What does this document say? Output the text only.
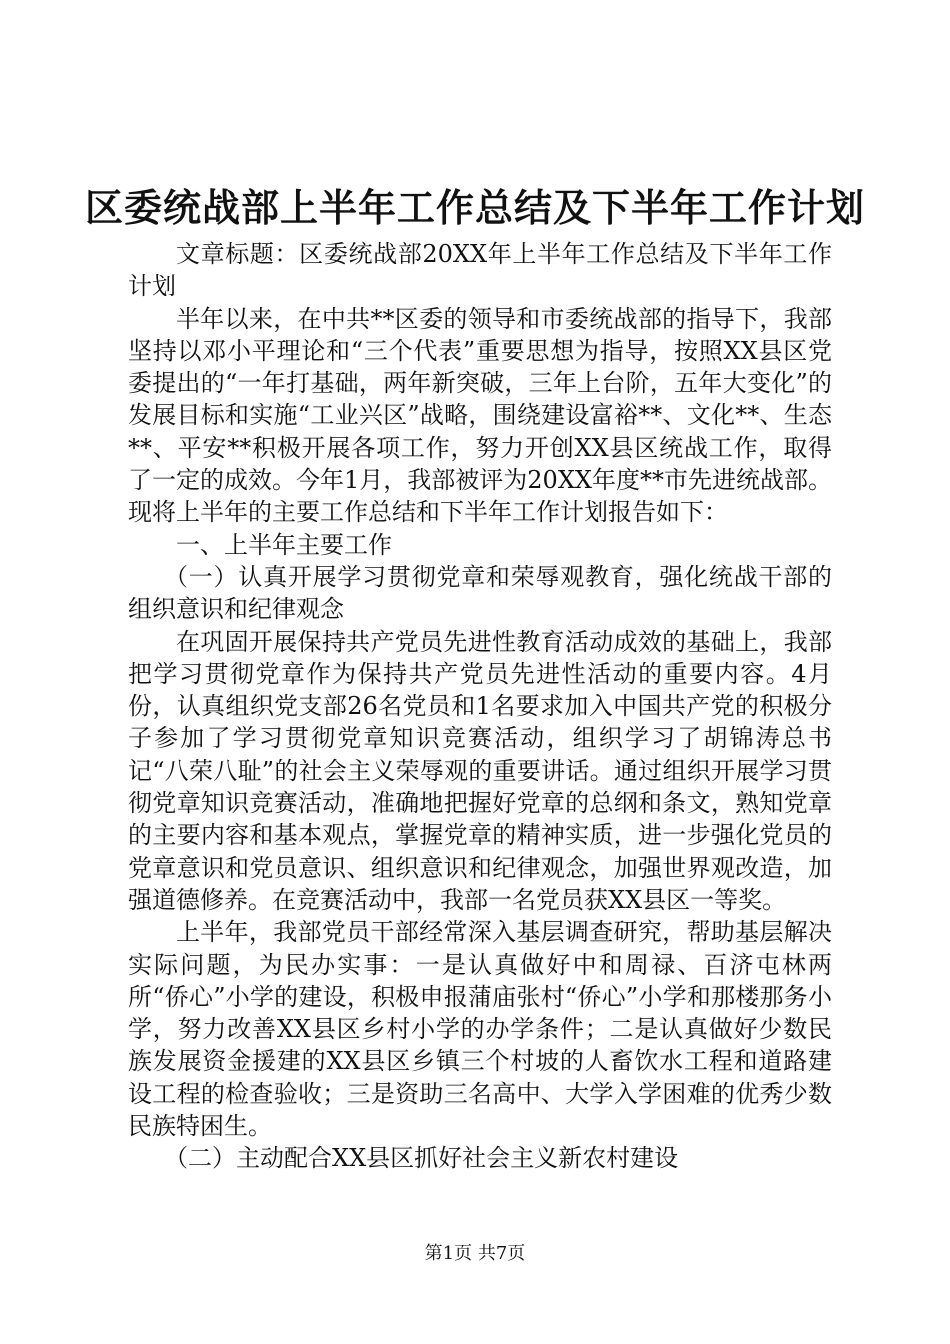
区委统战部上半年工作总结及下半年工作计划

文章标题：区委统战部20XX年上半年工作总结及下半年工作计划

半年以来，在中共**区委的领导和市委统战部的指导下，我部坚持以邓小平理论和“三个代表”重要思想为指导，按照XX县区党委提出的“一年打基础，两年新突破，三年上台阶，五年大变化”的发展目标和实施“工业兴区”战略，围绕建设富裕**、文化**、生态**、平安**积极开展各项工作，努力开创XX县区统战工作，取得了一定的成效。今年1月，我部被评为20XX年度**市先进统战部。现将上半年的主要工作总结和下半年工作计划报告如下：

一、上半年主要工作

（一）认真开展学习贯彻党章和荣辱观教育，强化统战干部的组织意识和纪律观念

在巩固开展保持共产党员先进性教育活动成效的基础上，我部把学习贯彻党章作为保持共产党员先进性活动的重要内容。4月份，认真组织党支部26名党员和1名要求加入中国共产党的积极分子参加了学习贯彻党章知识竞赛活动，组织学习了胡锦涛总书记“八荣八耻”的社会主义荣辱观的重要讲话。通过组织开展学习贯彻党章知识竞赛活动，准确地把握好党章的总纲和条文，熟知党章的主要内容和基本观点，掌握党章的精神实质，进一步强化党员的党章意识和党员意识、组织意识和纪律观念，加强世界观改造，加强道德修养。在竞赛活动中，我部一名党员获XX县区一等奖。

上半年，我部党员干部经常深入基层调查研究，帮助基层解决实际问题，为民办实事：一是认真做好中和周禄、百济屯林两所“侨心”小学的建设，积极申报蒲庙张村“侨心”小学和那楼那务小学，努力改善XX县区乡村小学的办学条件；二是认真做好少数民族发展资金援建的XX县区乡镇三个村坡的人畜饮水工程和道路建设工程的检查验收；三是资助三名高中、大学入学困难的优秀少数民族特困生。

（二）主动配合XX县区抓好社会主义新农村建设

第1页 共7页
